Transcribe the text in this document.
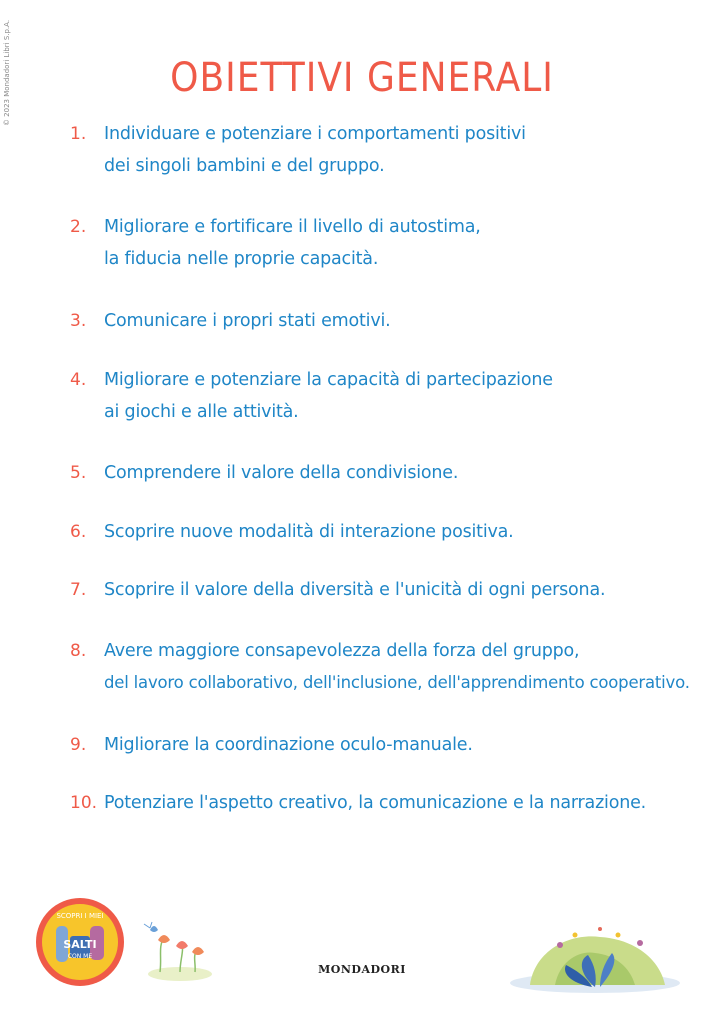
© 2023 Mondadori Libri S.p.A.	OBIETTIVI GENERALI
1. Individuare e potenziare i comportamenti positivi
dei singoli bambini e del gruppo.
2. Migliorare e fortificare il livello di autostima,
la fiducia nelle proprie capacità.
3. Comunicare i propri stati emotivi.
4. Migliorare e potenziare la capacità di partecipazione
ai giochi e alle attività.
5. Comprendere il valore della condivisione.
6. Scoprire nuove modalità di interazione positiva.
7. Scoprire il valore della diversità e l'unicità di ogni persona.
8. Avere maggiore consapevolezza della forza del gruppo,
del lavoro collaborativo, dell'inclusione, dell'apprendimento cooperativo.
9. Migliorare la coordinazione oculo-manuale.
10. Potenziare l'aspetto creativo, la comunicazione e la narrazione.
SCOPRI I MIEI
SALTI
CON ME
MONDADORI
